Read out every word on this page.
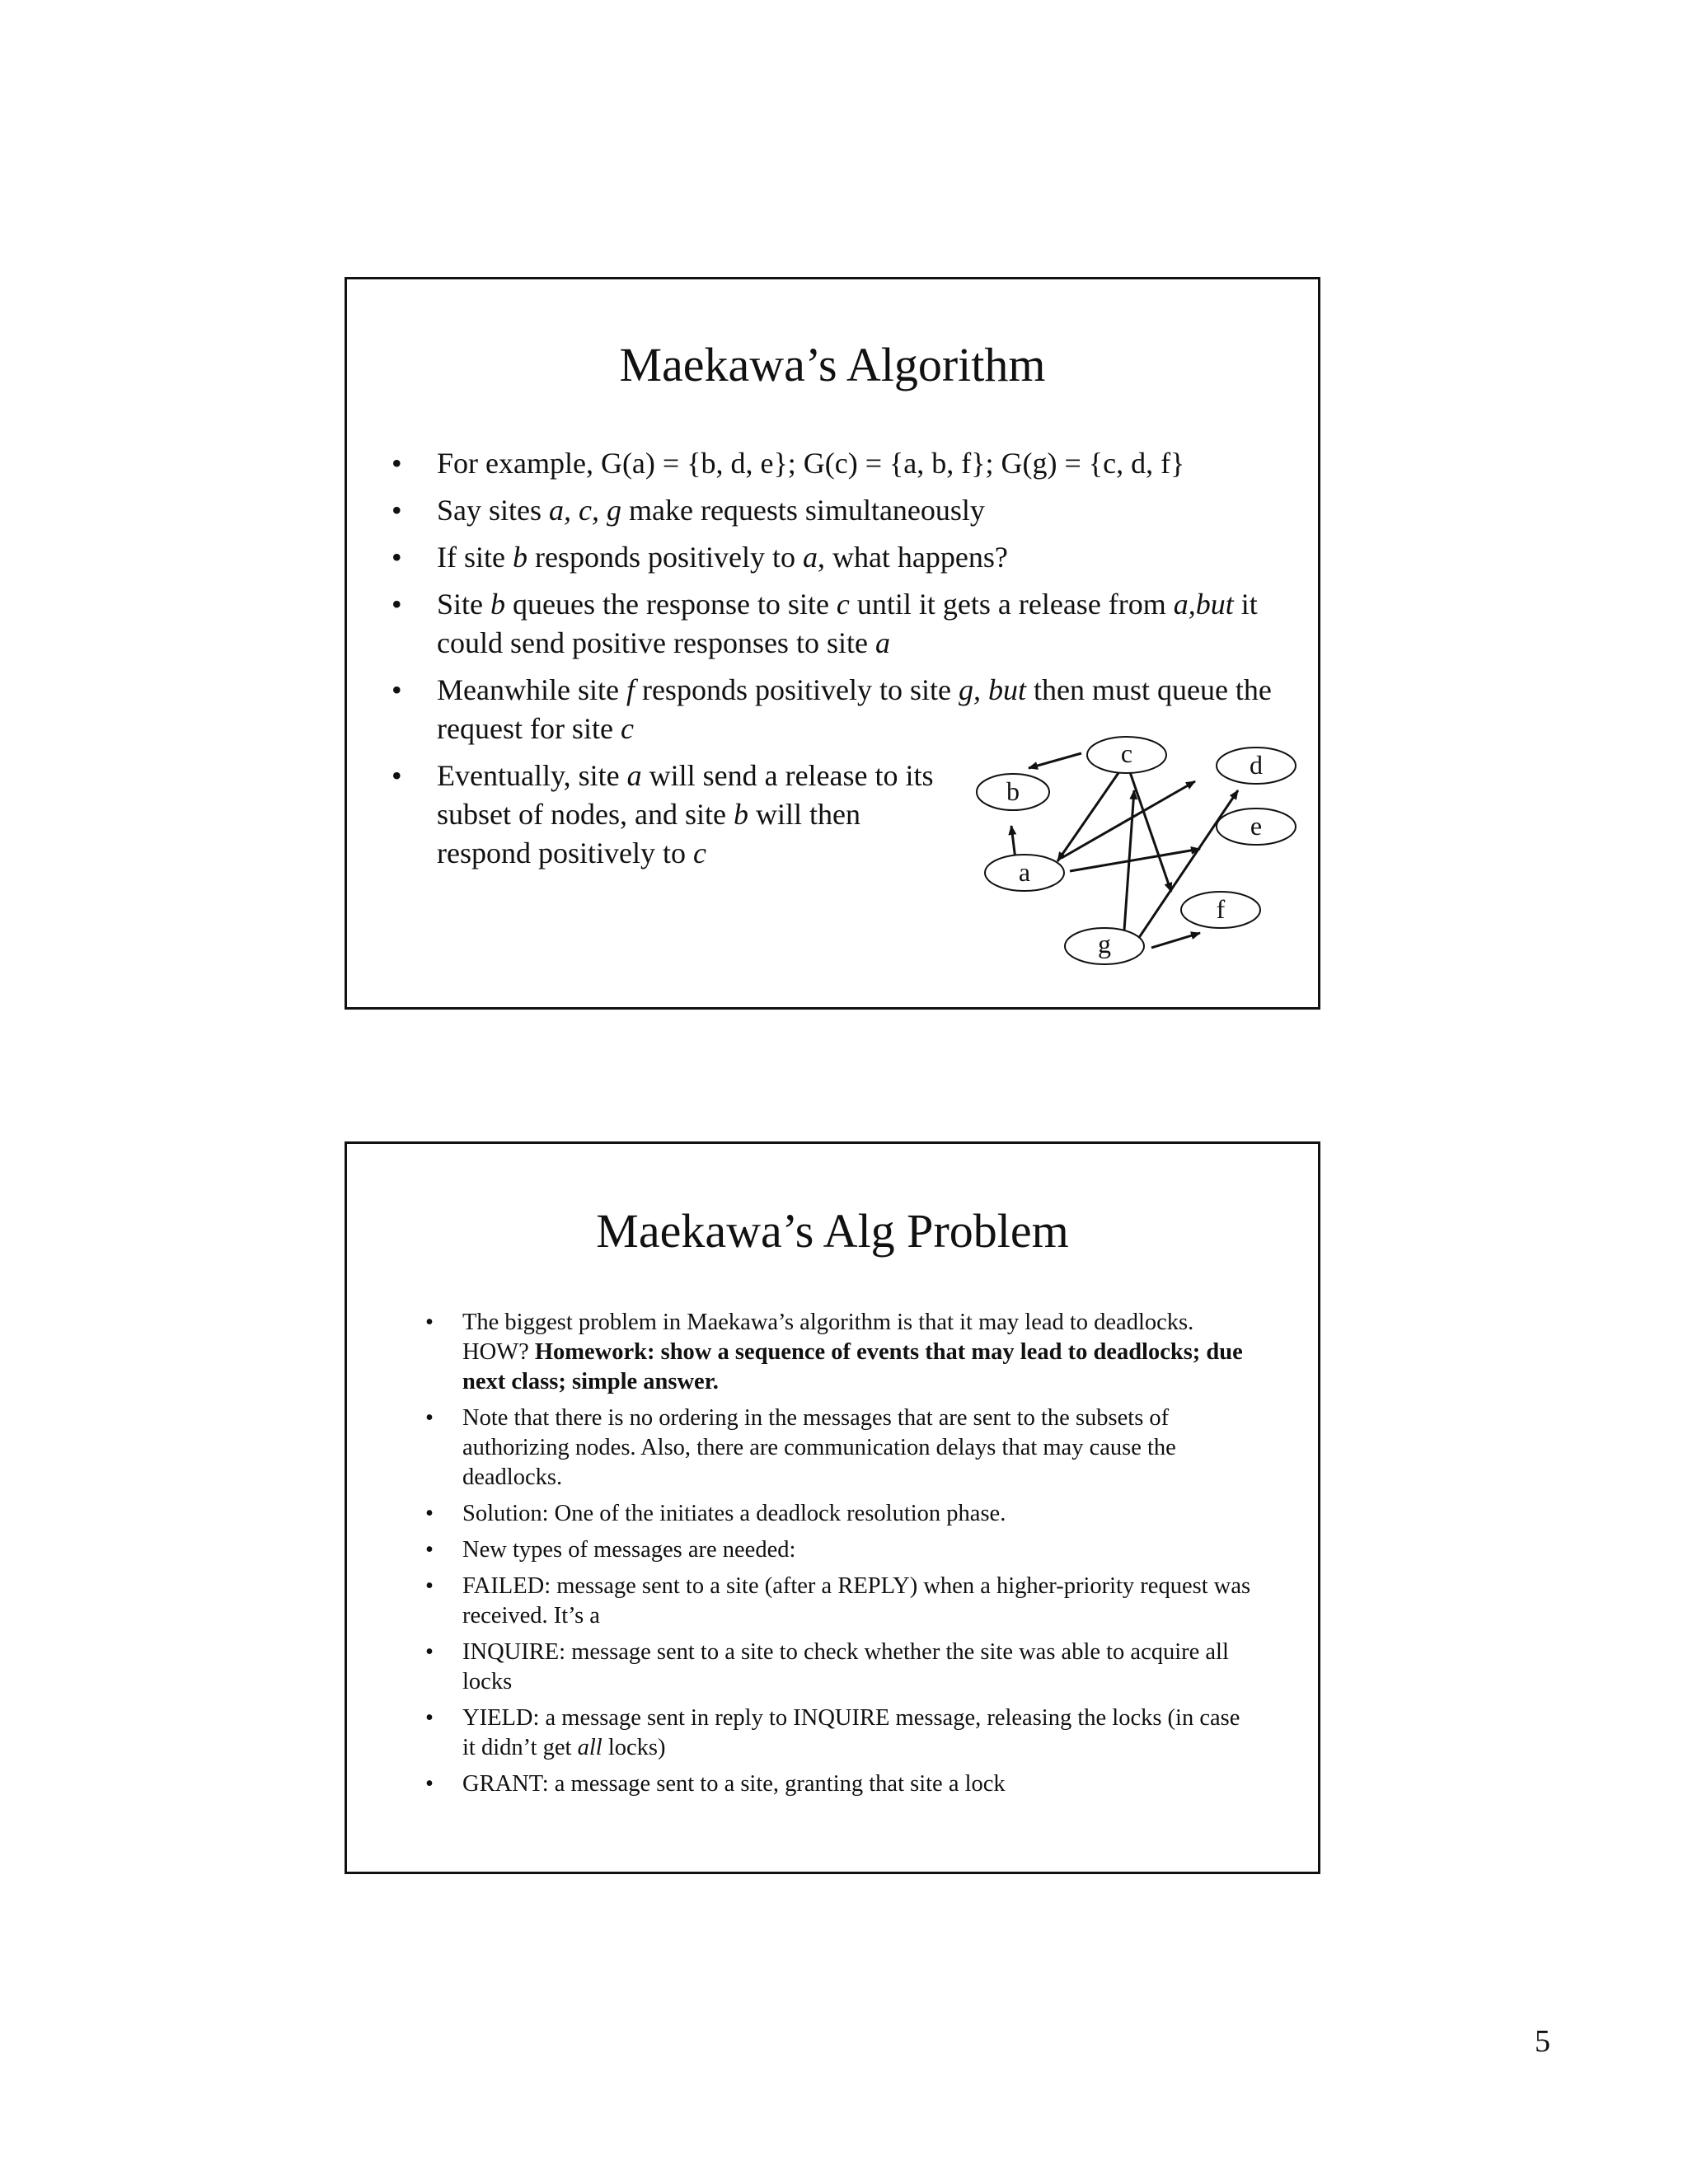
Maekawa’s Algorithm
• For example, G(a) = {b, d, e}; G(c) = {a, b, f}; G(g) = {c, d, f}
• Say sites a, c, g make requests simultaneously
• If site b responds positively to a, what happens?
• Site b queues the response to site c until it gets a release from a,but it could send positive responses to site a
• Meanwhile site f responds positively to site g, but then must queue the request for site c
• Eventually, site a will send a release to its subset of nodes, and site b will then respond positively to c
b
c	d
e
a
f
g
Maekawa’s Alg Problem
• The biggest problem in Maekawa’s algorithm is that it may lead to deadlocks. HOW? Homework: show a sequence of events that may lead to deadlocks; due next class; simple answer.
• Note that there is no ordering in the messages that are sent to the subsets of authorizing nodes. Also, there are communication delays that may cause the deadlocks.
• Solution: One of the initiates a deadlock resolution phase.
• New types of messages are needed:
• FAILED: message sent to a site (after a REPLY) when a higher-priority request was received. It’s a
• INQUIRE: message sent to a site to check whether the site was able to acquire all locks
• YIELD: a message sent in reply to INQUIRE message, releasing the locks (in case it didn’t get all locks)
• GRANT: a message sent to a site, granting that site a lock
5
